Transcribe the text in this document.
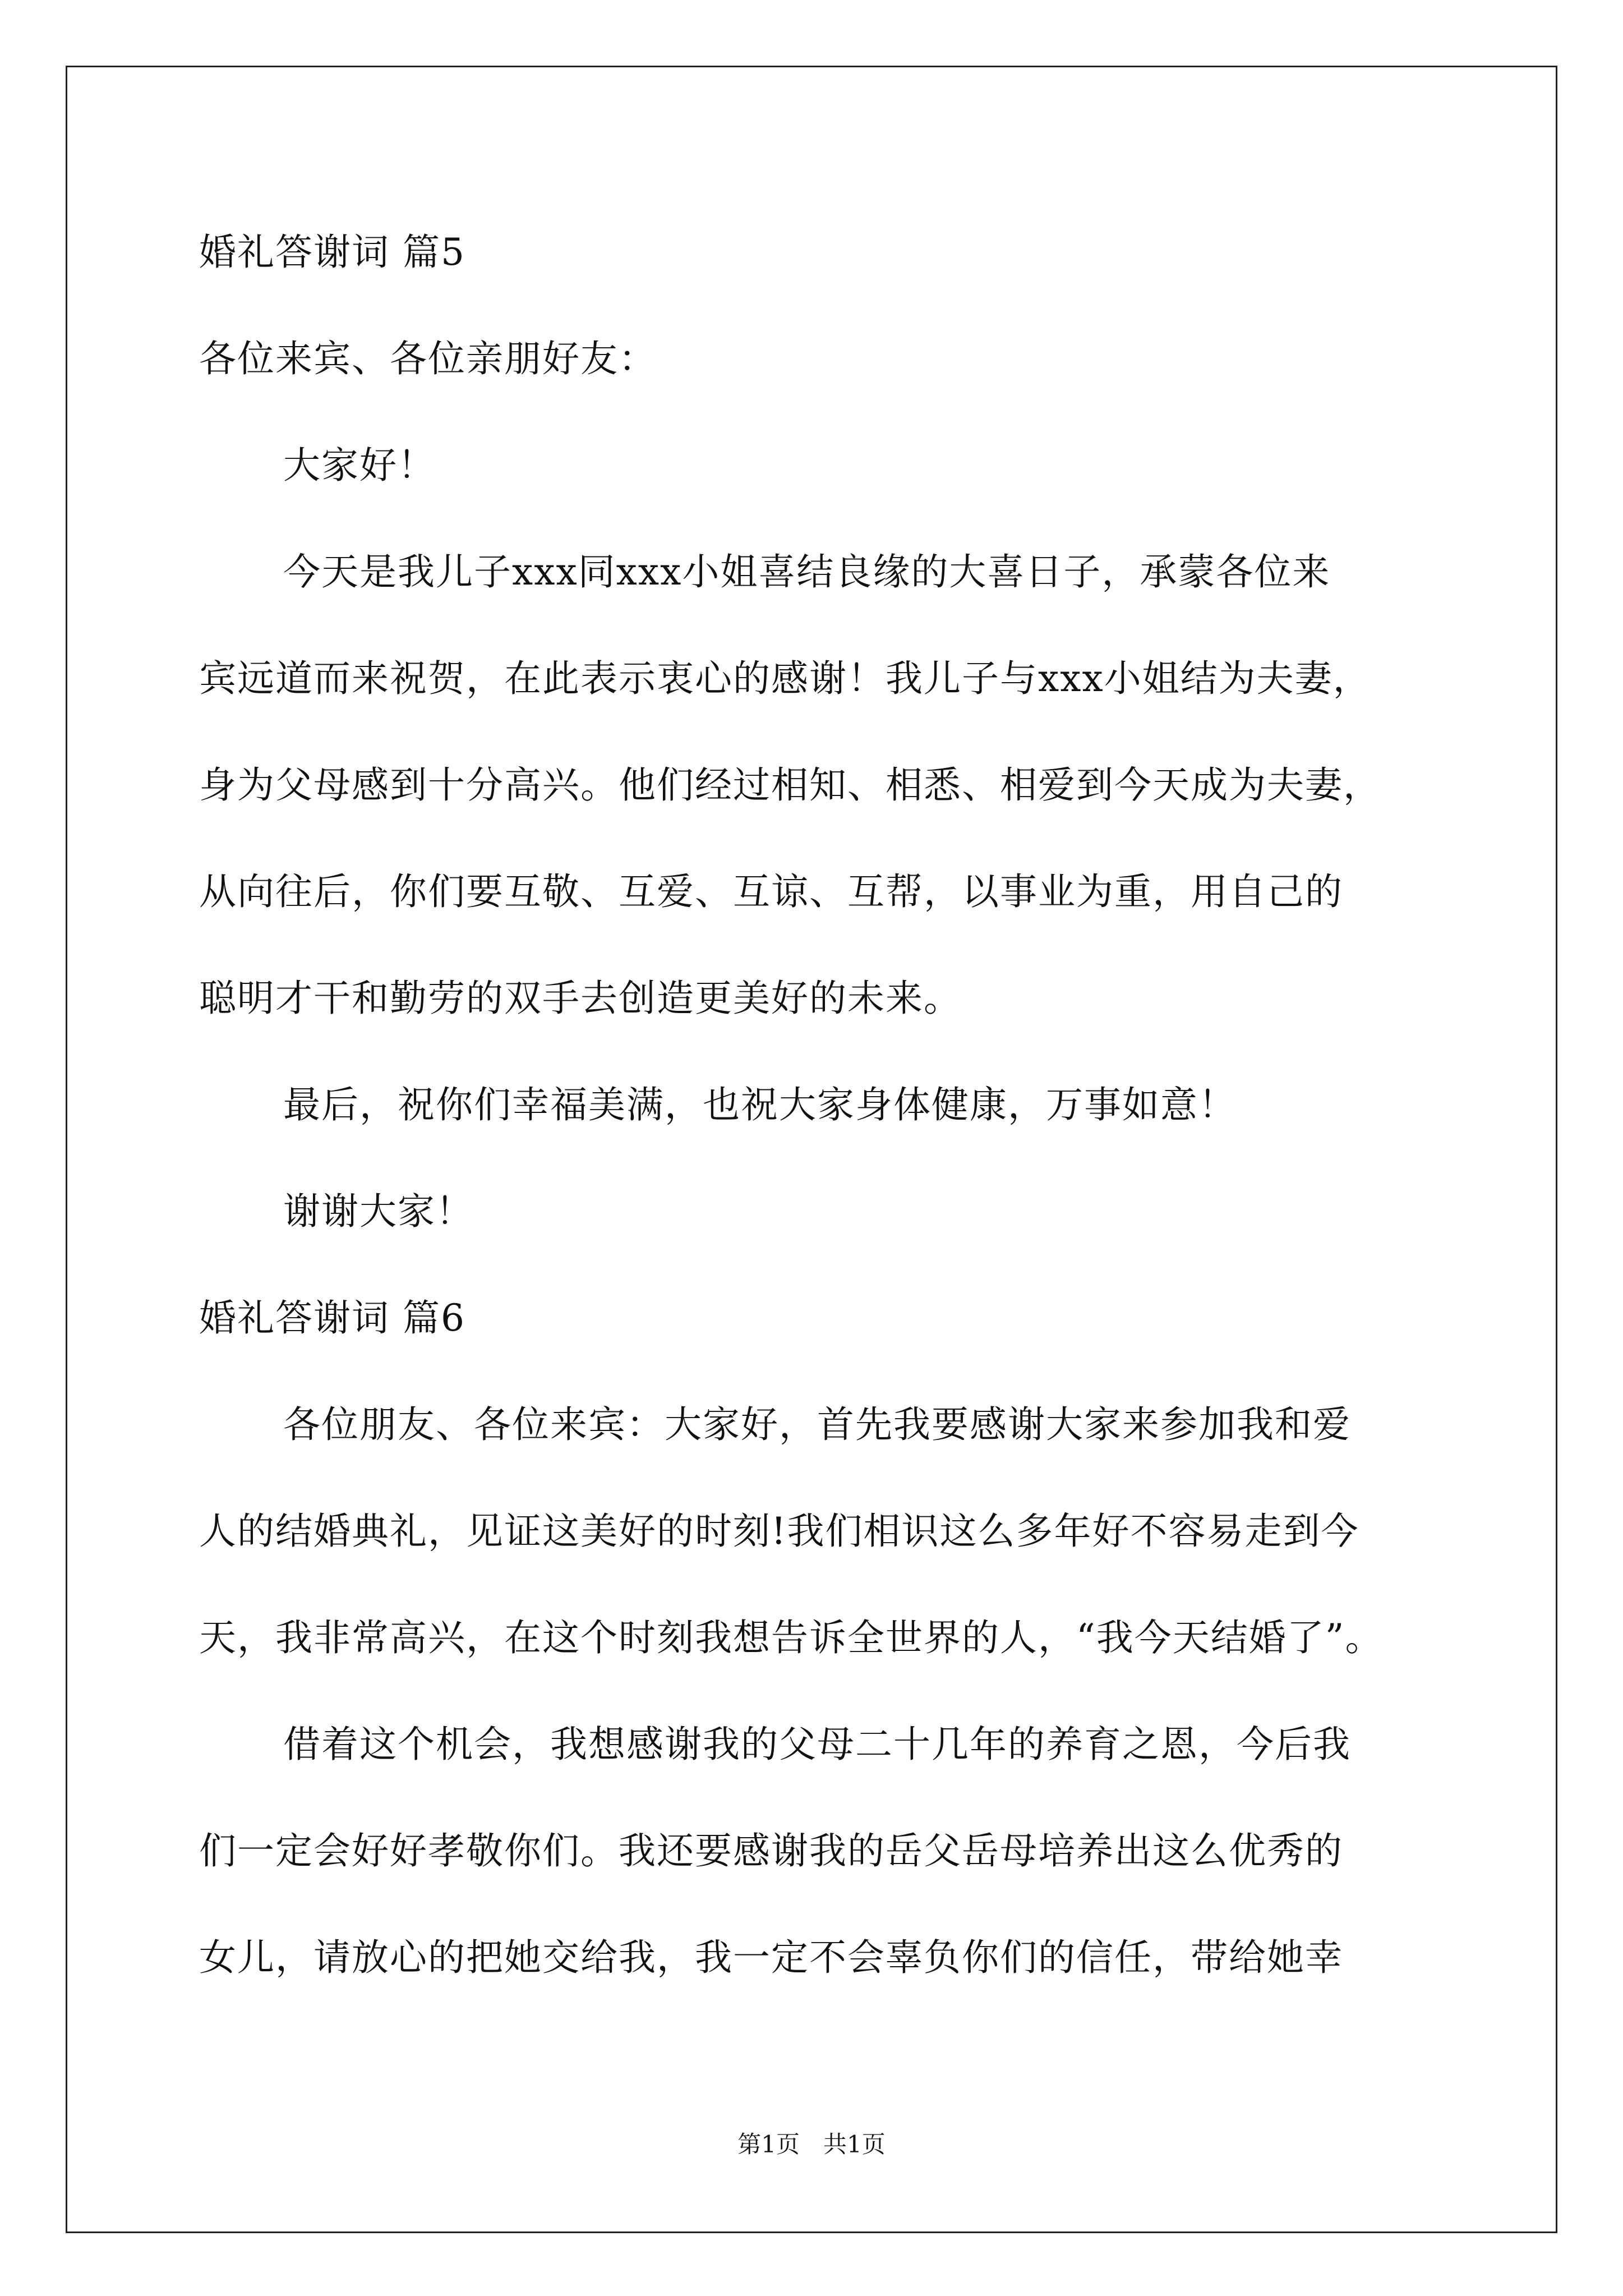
婚礼答谢词 篇5
各位来宾、各位亲朋好友：
大家好！
今天是我儿子xxx同xxx小姐喜结良缘的大喜日子，承蒙各位来
宾远道而来祝贺，在此表示衷心的感谢！我儿子与xxx小姐结为夫妻，
身为父母感到十分高兴。他们经过相知、相悉、相爱到今天成为夫妻，
从向往后，你们要互敬、互爱、互谅、互帮，以事业为重，用自己的
聪明才干和勤劳的双手去创造更美好的未来。
最后，祝你们幸福美满，也祝大家身体健康，万事如意！
谢谢大家！
婚礼答谢词 篇6
各位朋友、各位来宾：大家好，首先我要感谢大家来参加我和爱
人的结婚典礼，见证这美好的时刻!我们相识这么多年好不容易走到今
天，我非常高兴，在这个时刻我想告诉全世界的人，“我今天结婚了”。
借着这个机会，我想感谢我的父母二十几年的养育之恩，今后我
们一定会好好孝敬你们。我还要感谢我的岳父岳母培养出这么优秀的
女儿，请放心的把她交给我，我一定不会辜负你们的信任，带给她幸
第1页　共1页
